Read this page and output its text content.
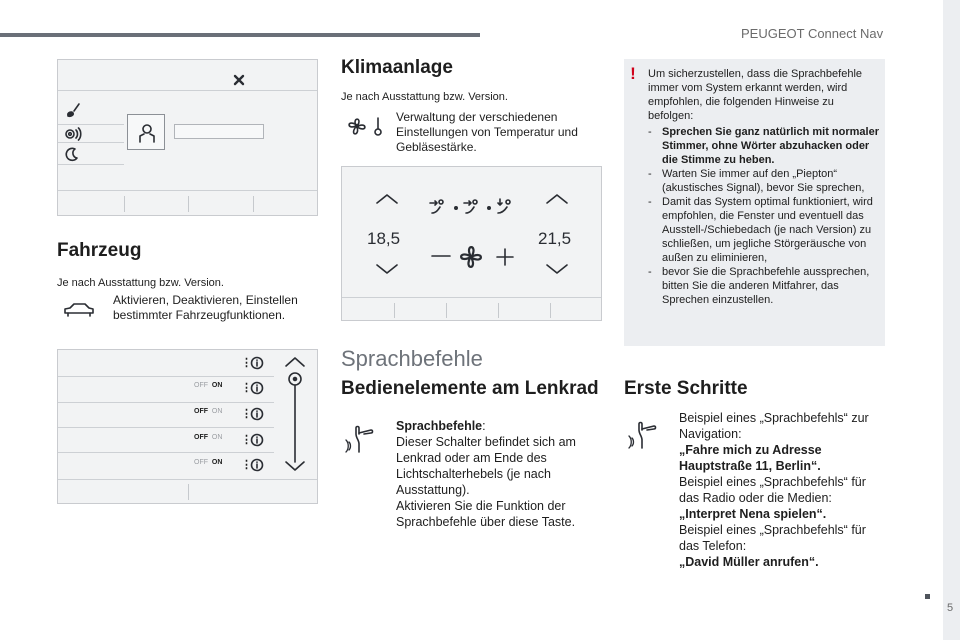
PEUGEOT Connect Nav
5
Fahrzeug
Je nach Ausstattung bzw. Version.
Aktivieren, Deaktivieren, Einstellen bestimmter Fahrzeugfunktionen.
⋮
OFF ON ⋮
OFF ON ⋮
OFF ON ⋮
OFF ON ⋮
Klimaanlage
Je nach Ausstattung bzw. Version.
Verwaltung der verschiedenen Einstellungen von Temperatur und Gebläsestärke.
18,5	21,5
Sprachbefehle
Bedienelemente am Lenkrad
Sprachbefehle:
Dieser Schalter befindet sich am Lenkrad oder am Ende des Lichtschalterhebels (je nach Ausstattung).
Aktivieren Sie die Funktion der Sprachbefehle über diese Taste.
!	Um sicherzustellen, dass die Sprachbefehle immer vom System erkannt werden, wird empfohlen, die folgenden Hinweise zu befolgen:
- Sprechen Sie ganz natürlich mit normaler Stimmer, ohne Wörter abzuhacken oder die Stimme zu heben.
- Warten Sie immer auf den „Piepton“ (akustisches Signal), bevor Sie sprechen,
- Damit das System optimal funktioniert, wird empfohlen, die Fenster und eventuell das Ausstell-/Schiebedach (je nach Version) zu schließen, um jegliche Störgeräusche von außen zu eliminieren,
- bevor Sie die Sprachbefehle aussprechen, bitten Sie die anderen Mitfahrer, das Sprechen einzustellen.
Erste Schritte
Beispiel eines „Sprachbefehls“ zur Navigation:
„Fahre mich zu Adresse Hauptstraße 11, Berlin“.
Beispiel eines „Sprachbefehls“ für das Radio oder die Medien:
„Interpret Nena spielen“.
Beispiel eines „Sprachbefehls“ für das Telefon:
„David Müller anrufen“.
